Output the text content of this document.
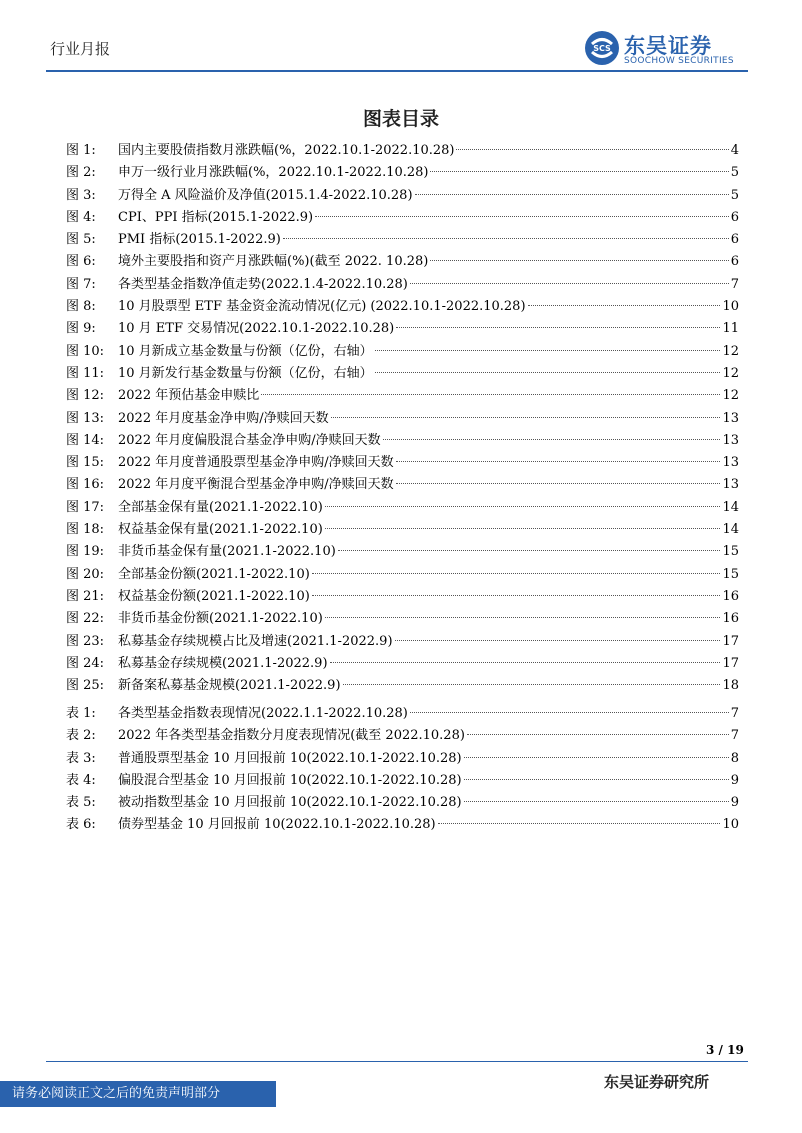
行业月报	SCS 东吴证券
SOOCHOW SECURITIES
图表目录
图 1:	国内主要股债指数月涨跌幅(%，2022.10.1-2022.10.28)	4
图 2:	申万一级行业月涨跌幅(%，2022.10.1-2022.10.28)	5
图 3:	万得全 A 风险溢价及净值(2015.1.4-2022.10.28)	5
图 4:	CPI、PPI 指标(2015.1-2022.9)	6
图 5:	PMI 指标(2015.1-2022.9)	6
图 6:	境外主要股指和资产月涨跌幅(%)(截至 2022. 10.28)	6
图 7:	各类型基金指数净值走势(2022.1.4-2022.10.28)	7
图 8:	10 月股票型 ETF 基金资金流动情况(亿元) (2022.10.1-2022.10.28)	10
图 9:	10 月 ETF 交易情况(2022.10.1-2022.10.28)	11
图 10:	10 月新成立基金数量与份额（亿份，右轴）	12
图 11:	10 月新发行基金数量与份额（亿份，右轴）	12
图 12:	2022 年预估基金申赎比	12
图 13:	2022 年月度基金净申购/净赎回天数	13
图 14:	2022 年月度偏股混合基金净申购/净赎回天数	13
图 15:	2022 年月度普通股票型基金净申购/净赎回天数	13
图 16:	2022 年月度平衡混合型基金净申购/净赎回天数	13
图 17:	全部基金保有量(2021.1-2022.10)	14
图 18:	权益基金保有量(2021.1-2022.10)	14
图 19:	非货币基金保有量(2021.1-2022.10)	15
图 20:	全部基金份额(2021.1-2022.10)	15
图 21:	权益基金份额(2021.1-2022.10)	16
图 22:	非货币基金份额(2021.1-2022.10)	16
图 23:	私募基金存续规模占比及增速(2021.1-2022.9)	17
图 24:	私募基金存续规模(2021.1-2022.9)	17
图 25:	新备案私募基金规模(2021.1-2022.9)	18
表 1:	各类型基金指数表现情况(2022.1.1-2022.10.28)	7
表 2:	2022 年各类型基金指数分月度表现情况(截至 2022.10.28)	7
表 3:	普通股票型基金 10 月回报前 10(2022.10.1-2022.10.28)	8
表 4:	偏股混合型基金 10 月回报前 10(2022.10.1-2022.10.28)	9
表 5:	被动指数型基金 10 月回报前 10(2022.10.1-2022.10.28)	9
表 6:	债券型基金 10 月回报前 10(2022.10.1-2022.10.28)	10
3 / 19
请务必阅读正文之后的免责声明部分
东吴证券研究所
